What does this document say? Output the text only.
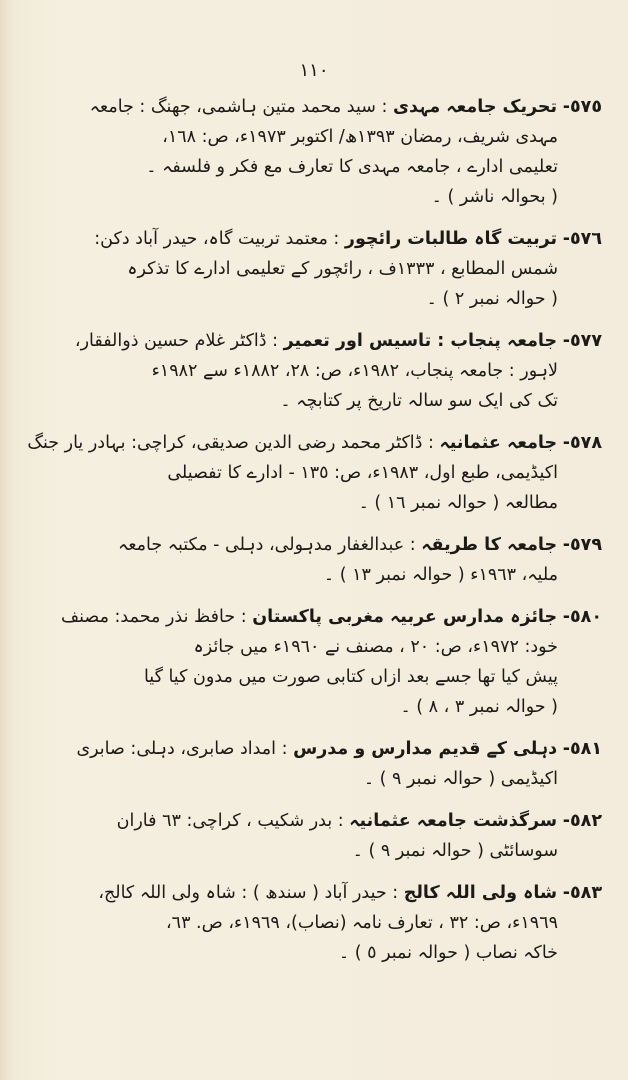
١١٠
٥٧٥- تحریک جامعہ مہدی : سید محمد متین ہاشمی، جھنگ : جامعہ
مہدی شریف، رمضان ١٣٩٣ھ/ اکتوبر ١٩٧٣ء، ص: ١٦٨،
تعلیمی ادارے ، جامعہ مہدی کا تعارف مع فکر و فلسفہ ۔
( بحوالہ ناشر ) ۔
٥٧٦- تربیت گاہ طالبات رائچور : معتمد تربیت گاہ، حیدر آباد دکن:
شمس المطابع ، ١٣٣٣ف ، رائچور کے تعلیمی ادارے کا تذکرہ
( حوالہ نمبر ٢ ) ۔
٥٧٧- جامعہ پنجاب : تاسیس اور تعمیر : ڈاکٹر غلام حسین ذوالفقار،
لاہور : جامعہ پنجاب، ١٩٨٢ء، ص: ٢٨، ١٨٨٢ء سے ١٩٨٢ء
تک کی ایک سو سالہ تاریخ پر کتابچہ ۔
٥٧٨- جامعہ عثمانیہ : ڈاکٹر محمد رضی الدین صدیقی، کراچی: بہادر یار جنگ
اکیڈیمی، طبع اول، ١٩٨٣ء، ص: ١٣٥ - ادارے کا تفصیلی
مطالعہ ( حوالہ نمبر ١٦ ) ۔
٥٧٩- جامعہ کا طریقہ : عبدالغفار مدہولی، دہلی - مکتبہ جامعہ
ملیہ، ١٩٦٣ء ( حوالہ نمبر ١٣ ) ۔
٥٨٠- جائزہ مدارس عربیہ مغربی پاکستان : حافظ نذر محمد: مصنف
خود: ١٩٧٢ء، ص: ٢٠ ، مصنف نے ١٩٦٠ء میں جائزہ
پیش کیا تھا جسے بعد ازاں کتابی صورت میں مدون کیا گیا
( حوالہ نمبر ٣ ، ٨ ) ۔
٥٨١- دہلی کے قدیم مدارس و مدرس : امداد صابری، دہلی: صابری
اکیڈیمی ( حوالہ نمبر ٩ ) ۔
٥٨٢- سرگذشت جامعہ عثمانیہ : بدر شکیب ، کراچی: ٦٣ فاران
سوسائٹی ( حوالہ نمبر ٩ ) ۔
٥٨٣- شاہ ولی اللہ کالج : حیدر آباد ( سندھ ) : شاہ ولی اللہ کالج،
١٩٦٩ء، ص: ٣٢ ، تعارف نامہ (نصاب)، ١٩٦٩ء، ص. ٦٣،
خاکہ نصاب ( حوالہ نمبر ٥ ) ۔
